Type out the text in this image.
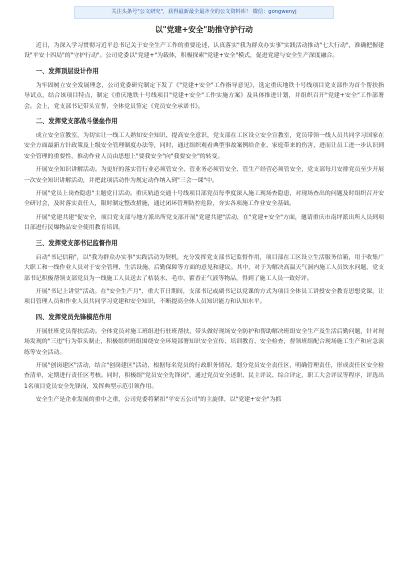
关注头条号"公文研究"，获得最新最全最齐全的公文资料库！ 微信：gongwenyj
以"党建+安全"助推守护行动
近日，为深入学习贯彻习近平总书记关于安全生产工作的重要论述，认真落实"我为群众办实事"实践活动推动"七大行动"，准确把握建设"平安十四局"的"守护行动"。公司党委以"党建+"为载体，积极探索"党建+安全"模式，促进党建与安全生产深度融合。
一、发挥顶层设计作用
为牢固树立安全发展理念，公司党委研究制定下发了《"党建+安全"工作指导意见》，选定重庆地铁十号线项目党支部作为首个帮扶指导试点，结合该项目特点，制定《重庆地铁十号线项目"党建+安全"工作实施方案》及具体推进计划，并组织召开"党建+安全"工作部署会。会上，党支部书记带头宣誓，全体党员签定《党员安全承诺书》。
二、发挥党支部战斗堡垒作用
成立安全宣教室，为切实让一线工人熟知安全知识、提高安全意识，党支部在工区设立安全宣教室，党员带领一线人员共同学习国家在安全方面最新方针政策及上级安全管理制度办法等，同时，通过组织观看典型事故案例给企业、家庭带来的伤害，进而让员工进一步认识到安全管理的重要性，推动作业人员由思想上"要我安全"向"我要安全"的转变。
开展安全知识讲解活动。为更好的落实管行业必须管安全、管业务必须管安全、管生产经营必须管安全，党支部每月安排党员至少开展一次安全知识讲解活动，并把此项活动作为规定动作纳入到"三会一课"中。
开展"党员上岗查隐患"主题党日活动。重庆轨道交通十号线项目部党员每季度深入施工现场查隐患，对现场查出的问题及时组织召开安全研讨会，及时落实责任人，限时制定整改措施，通过闭环管理防控危险，夯实各项施工作业安全基础。
开展"党建共建"促安全，项目党支部与地方派出所党支部开展"党建共建"活动，在"党建+安全"方面，邀请重庆市南坪派出所人员到项目部进行民爆物品安全使用教育培训。
三、发挥党支部书记监督作用
启动"书记信箱"，以"我为群众办实事"实践活动为契机，充分发挥党支部书记监督作用，项目部在工区设立生活服务信箱，用于收集广大职工和一线作业人员对于安全管理、生活设施、后勤保障等方面的意见和建议。其中，对于为解决高温天气洞内施工人员饮水问题，党支部书记积极帮领支部党员为一线施工人员送去了桔装水、毛巾、藿香正气液等物品，得到了施工人员一致好评。
开展"书记上讲堂"活动。在"安全生产月"，重大节日期间，支部书记或副书记以党课的方式为项目全体员工讲授安全教育思想党课，让项目管理人员和作业人员共同学习党建和安全知识，不断提高全体人员知识能力和认知水平。
四、发挥党员先锋模范作用
开展驻班党员帮扶活动。全体党员对施工班组进行驻班帮扶，带头做好现场安全防护和帮助解决班组安全生产及生活后勤问题，针对现场发现的"三违"行为带头制止，积极组织班组围绕安全环境部署知识安全宣传、培训教育、安全检查，督领班组配合现场施工生产和应急演练等安全活动。
开展"创岗建区"活动，结合"创岗建区"活动，根据每名党员的行政职务情况，划分党员安全责任区，明确管理责任，形成责任区安全检查清单，定期进行责任区考核。同时，积极组"党员安全先锋岗"，通过党员安全述职、民主评议、综合评定，职工大会评议等程序，评选出1名项目党员安全先锋岗，发挥典型示范引领作用。
安全生产是企业发展的重中之重，公司党委将紧扣"平安五公司"的主旋律，以"党建+安全"为抓
